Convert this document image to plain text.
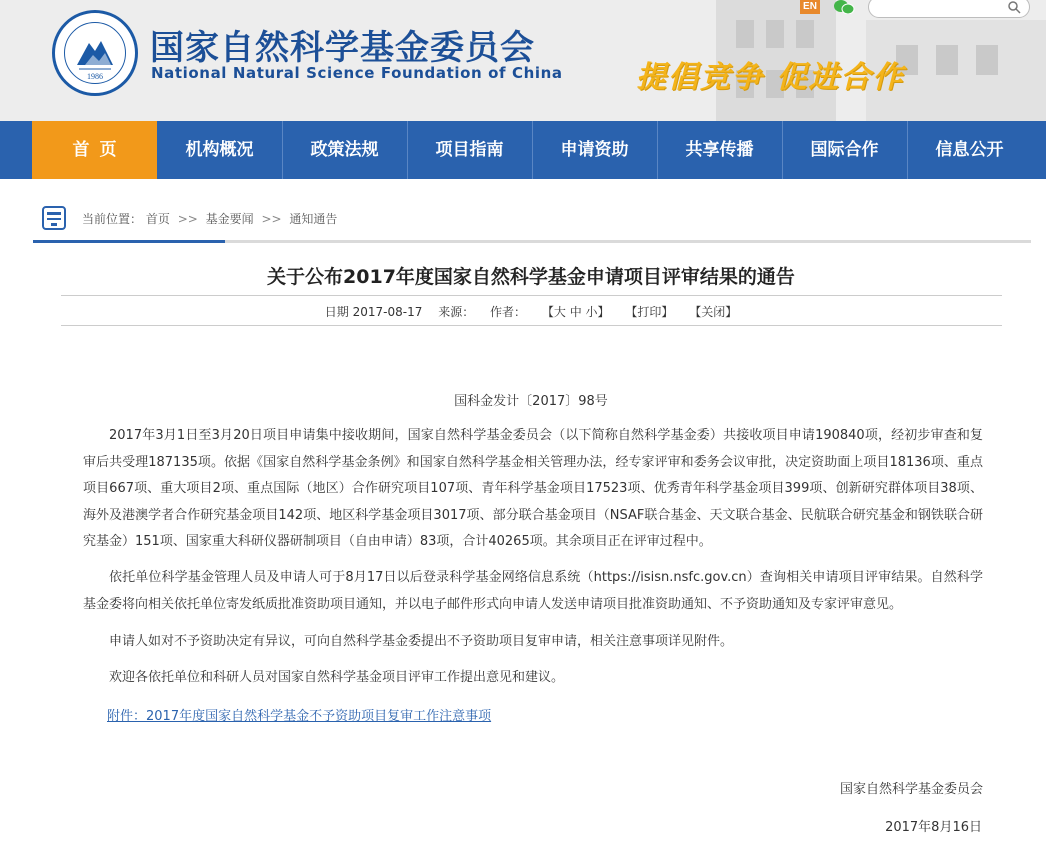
1986
国家自然科学基金委员会
National Natural Science Foundation of China 提倡竞争 促进合作
EN
首页	机构概况	政策法规	项目指南	申请资助	共享传播	国际合作	信息公开
当前位置： 首页 >> 基金要闻 >> 通知通告
关于公布2017年度国家自然科学基金申请项目评审结果的通告
日期 2017-08-17 来源： 作者： 【大 中 小】 【打印】 【关闭】
国科金发计〔2017〕98号

2017年3月1日至3月20日项目申请集中接收期间，国家自然科学基金委员会（以下简称自然科学基金委）共接收项目申请190840项，经初步审查和复审后共受理187135项。依据《国家自然科学基金条例》和国家自然科学基金相关管理办法，经专家评审和委务会议审批，决定资助面上项目18136项、重点项目667项、重大项目2项、重点国际（地区）合作研究项目107项、青年科学基金项目17523项、优秀青年科学基金项目399项、创新研究群体项目38项、海外及港澳学者合作研究基金项目142项、地区科学基金项目3017项、部分联合基金项目（NSAF联合基金、天文联合基金、民航联合研究基金和钢铁联合研究基金）151项、国家重大科研仪器研制项目（自由申请）83项，合计40265项。其余项目正在评审过程中。

依托单位科学基金管理人员及申请人可于8月17日以后登录科学基金网络信息系统（https://isisn.nsfc.gov.cn）查询相关申请项目评审结果。自然科学基金委将向相关依托单位寄发纸质批准资助项目通知，并以电子邮件形式向申请人发送申请项目批准资助通知、不予资助通知及专家评审意见。

申请人如对不予资助决定有异议，可向自然科学基金委提出不予资助项目复审申请，相关注意事项详见附件。

欢迎各依托单位和科研人员对国家自然科学基金项目评审工作提出意见和建议。

附件：2017年度国家自然科学基金不予资助项目复审工作注意事项
国家自然科学基金委员会
2017年8月16日
